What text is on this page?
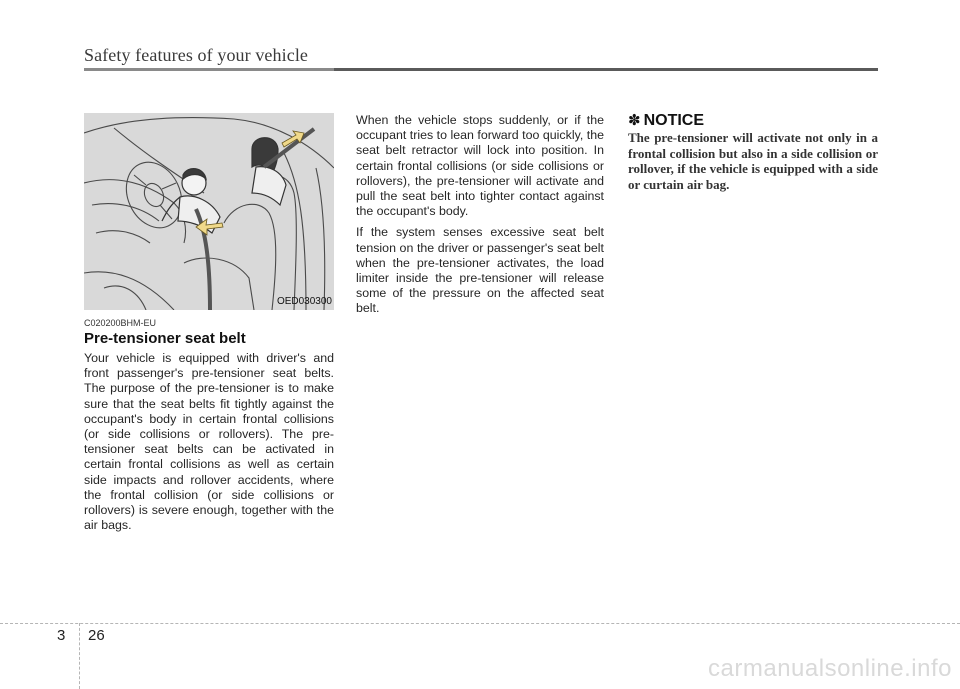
Safety features of your vehicle
OED030300
C020200BHM-EU
Pre-tensioner seat belt
Your vehicle is equipped with driver's and front passenger's pre-tensioner seat belts. The purpose of the pre-tensioner is to make sure that the seat belts fit tightly against the occupant's body in certain frontal collisions (or side collisions or rollovers). The pre-tensioner seat belts can be activated in certain frontal collisions as well as certain side impacts and rollover accidents, where the frontal collision (or side collisions or rollovers) is severe enough, together with the air bags.

When the vehicle stops suddenly, or if the occupant tries to lean forward too quickly, the seat belt retractor will lock into position. In certain frontal collisions (or side collisions or rollovers), the pre-tensioner will activate and pull the seat belt into tighter contact against the occupant's body.

If the system senses excessive seat belt tension on the driver or passenger's seat belt when the pre-tensioner activates, the load limiter inside the pre-tensioner will release some of the pressure on the affected seat belt.

✽ NOTICE
The pre-tensioner will activate not only in a frontal collision but also in a side collision or rollover, if the vehicle is equipped with a side or curtain air bag.
3 26
carmanualsonline.info
